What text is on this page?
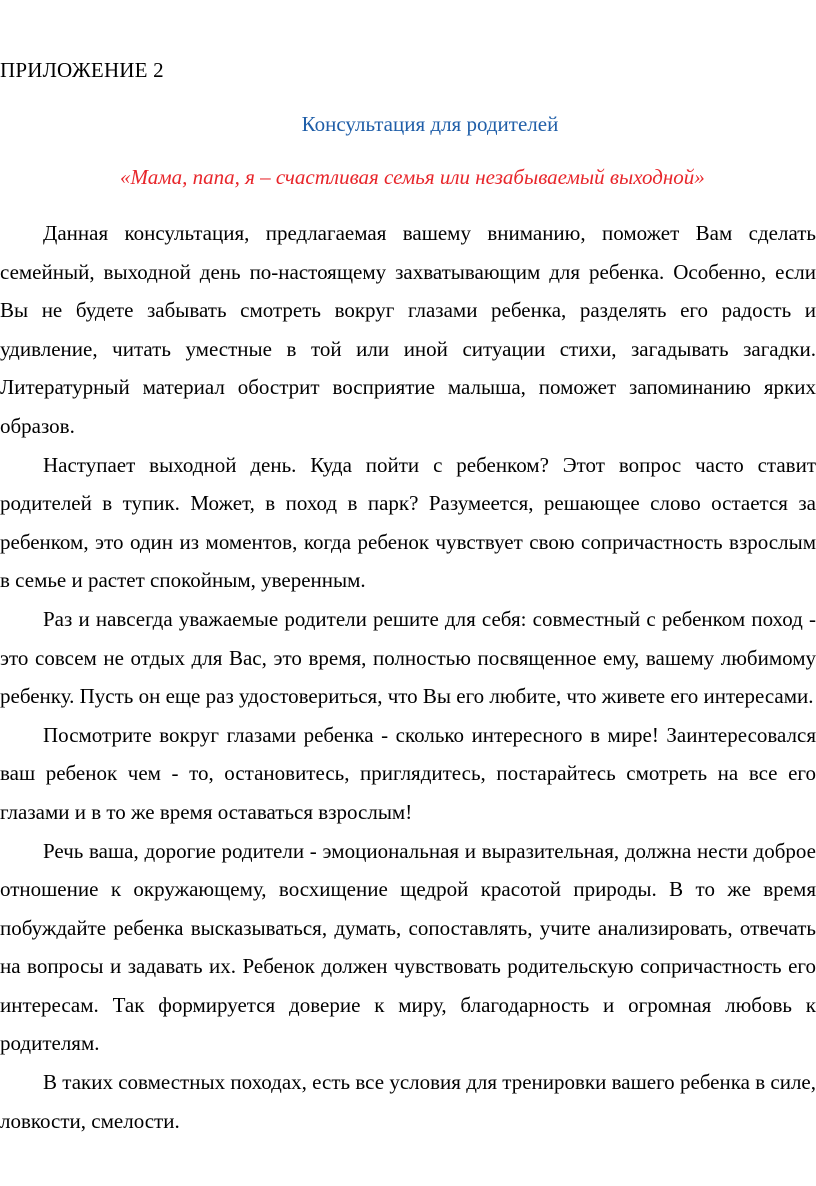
ПРИЛОЖЕНИЕ 2
Консультация для родителей
«Мама, папа, я – счастливая семья или незабываемый выходной»

Данная консультация, предлагаемая вашему вниманию, поможет Вам сделать семейный, выходной день по-настоящему захватывающим для ребенка. Особенно, если Вы не будете забывать смотреть вокруг глазами ребенка, разделять его радость и удивление, читать уместные в той или иной ситуации стихи, загадывать загадки. Литературный материал обострит восприятие малыша, поможет запоминанию ярких образов.

Наступает выходной день. Куда пойти с ребенком? Этот вопрос часто ставит родителей в тупик. Может, в поход в парк? Разумеется, решающее слово остается за ребенком, это один из моментов, когда ребенок чувствует свою сопричастность взрослым в семье и растет спокойным, уверенным.

Раз и навсегда уважаемые родители решите для себя: совместный с ребенком поход - это совсем не отдых для Вас, это время, полностью посвященное ему, вашему любимому ребенку. Пусть он еще раз удостовериться, что Вы его любите, что живете его интересами.

Посмотрите вокруг глазами ребенка - сколько интересного в мире! Заинтересовался ваш ребенок чем - то, остановитесь, приглядитесь, постарайтесь смотреть на все его глазами и в то же время оставаться взрослым!

Речь ваша, дорогие родители - эмоциональная и выразительная, должна нести доброе отношение к окружающему, восхищение щедрой красотой природы. В то же время побуждайте ребенка высказываться, думать, сопоставлять, учите анализировать, отвечать на вопросы и задавать их. Ребенок должен чувствовать родительскую сопричастность его интересам. Так формируется доверие к миру, благодарность и огромная любовь к родителям.

В таких совместных походах, есть все условия для тренировки вашего ребенка в силе, ловкости, смелости.
